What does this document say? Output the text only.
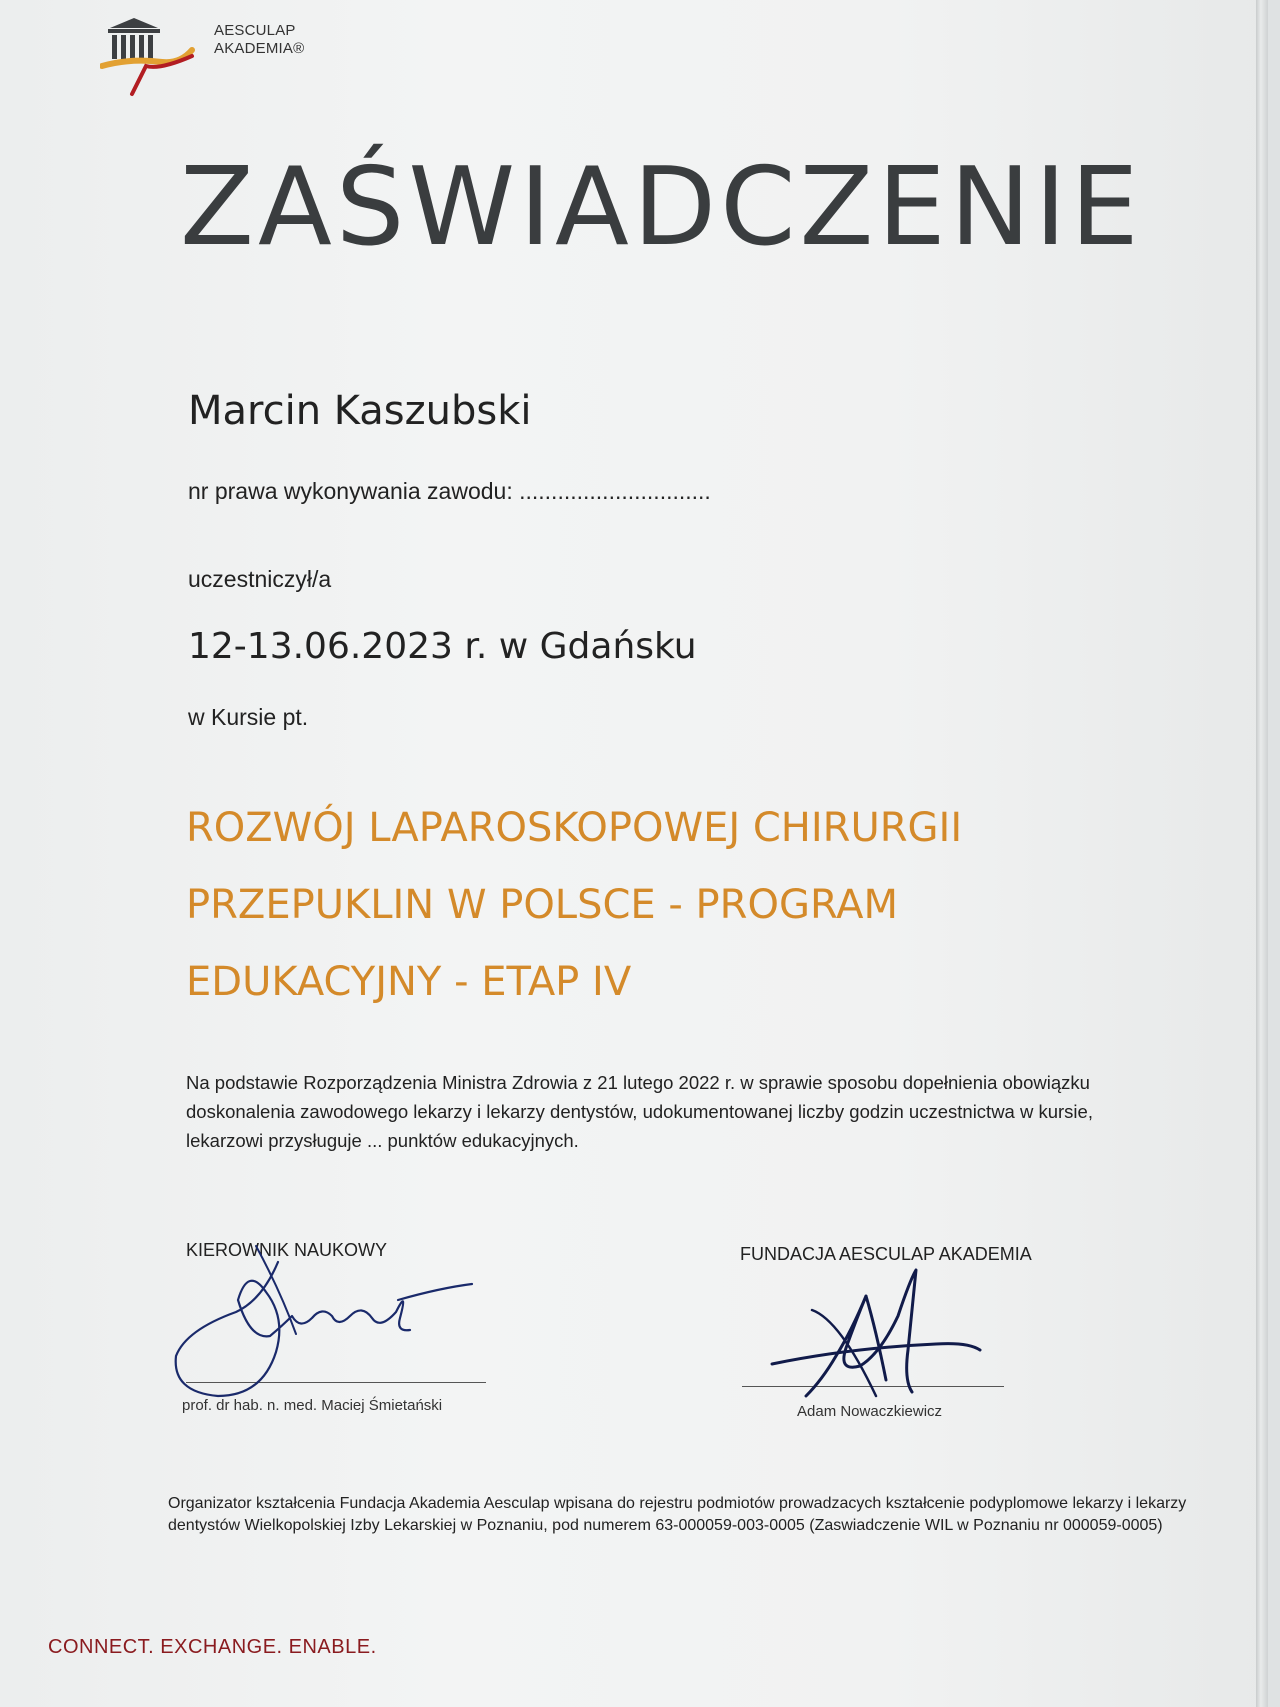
AESCULAP
AKADEMIA®
ZAŚWIADCZENIE
Marcin Kaszubski
nr prawa wykonywania zawodu: ..............................
uczestniczył/a
12-13.06.2023 r. w Gdańsku
w Kursie pt.
ROZWÓJ LAPAROSKOPOWEJ CHIRURGII
PRZEPUKLIN W POLSCE - PROGRAM
EDUKACYJNY - ETAP IV
Na podstawie Rozporządzenia Ministra Zdrowia z 21 lutego 2022 r. w sprawie sposobu dopełnienia obowiązku
doskonalenia zawodowego lekarzy i lekarzy dentystów, udokumentowanej liczby godzin uczestnictwa w kursie,
lekarzowi przysługuje ... punktów edukacyjnych.
KIEROWNIK NAUKOWY	FUNDACJA AESCULAP AKADEMIA
prof. dr hab. n. med. Maciej Śmietański	Adam Nowaczkiewicz
Organizator kształcenia Fundacja Akademia Aesculap wpisana do rejestru podmiotów prowadzacych kształcenie podyplomowe lekarzy i lekarzy
dentystów Wielkopolskiej Izby Lekarskiej w Poznaniu, pod numerem 63-000059-003-0005 (Zaswiadczenie WIL w Poznaniu nr 000059-0005)
CONNECT. EXCHANGE. ENABLE.
